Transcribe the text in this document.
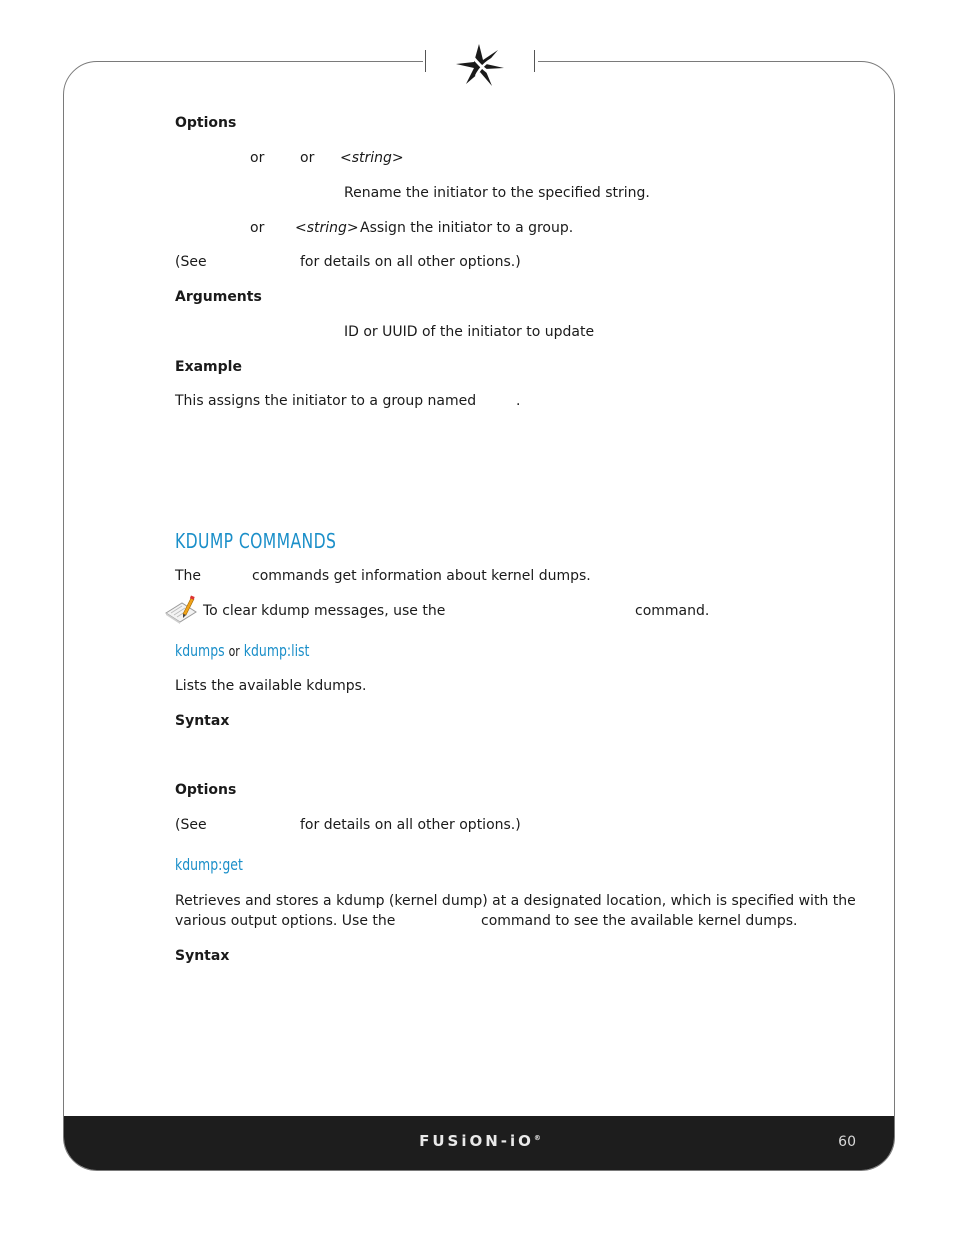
FUSiON-iO®	60
Options
or	or <string>
Rename the initiator to the specified string.
or <string> Assign the initiator to a group.
(See	for details on all other options.)
Arguments
ID or UUID of the initiator to update
Example
This assigns the initiator to a group named	.
KDUMP COMMANDS
The	commands get information about kernel dumps.
To clear kdump messages, use the	command.
kdumps or kdump:list
Lists the available kdumps.
Syntax
Options
(See	for details on all other options.)
kdump:get
Retrieves and stores a kdump (kernel dump) at a designated location, which is specified with the
various output options. Use the	command to see the available kernel dumps.
Syntax
